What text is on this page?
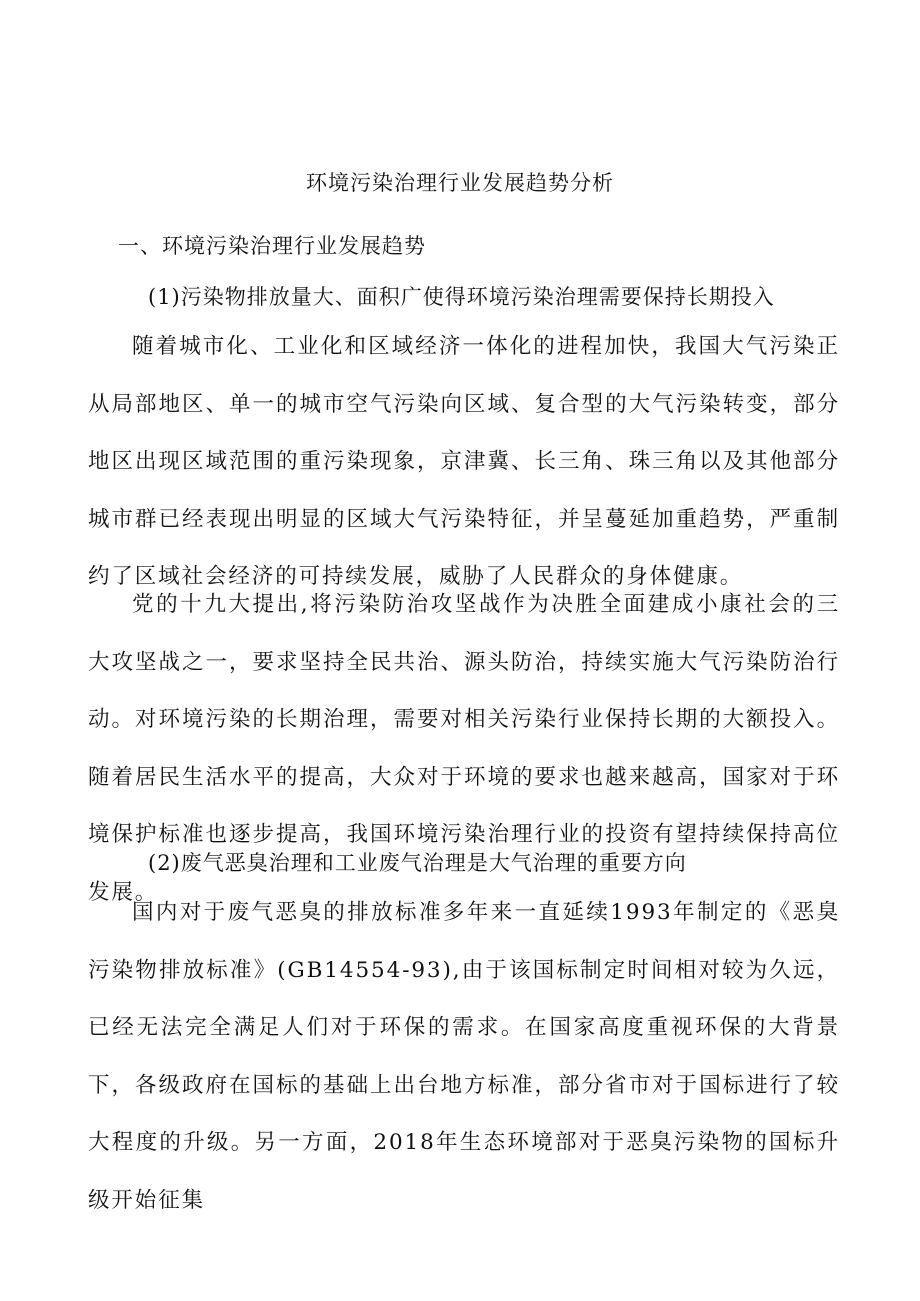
环境污染治理行业发展趋势分析
一、环境污染治理行业发展趋势
(1)污染物排放量大、面积广使得环境污染治理需要保持长期投入

随着城市化、工业化和区域经济一体化的进程加快，我国大气污染正从局部地区、单一的城市空气污染向区域、复合型的大气污染转变，部分地区出现区域范围的重污染现象，京津冀、长三角、珠三角以及其他部分城市群已经表现出明显的区域大气污染特征，并呈蔓延加重趋势，严重制约了区域社会经济的可持续发展，威胁了人民群众的身体健康。

党的十九大提出,将污染防治攻坚战作为决胜全面建成小康社会的三大攻坚战之一，要求坚持全民共治、源头防治，持续实施大气污染防治行动。对环境污染的长期治理，需要对相关污染行业保持长期的大额投入。随着居民生活水平的提高，大众对于环境的要求也越来越高，国家对于环境保护标准也逐步提高，我国环境污染治理行业的投资有望持续保持高位发展。

(2)废气恶臭治理和工业废气治理是大气治理的重要方向

国内对于废气恶臭的排放标准多年来一直延续1993年制定的《恶臭污染物排放标准》(GB14554-93),由于该国标制定时间相对较为久远，已经无法完全满足人们对于环保的需求。在国家高度重视环保的大背景下，各级政府在国标的基础上出台地方标准，部分省市对于国标进行了较大程度的升级。另一方面，2018年生态环境部对于恶臭污染物的国标升级开始征集
